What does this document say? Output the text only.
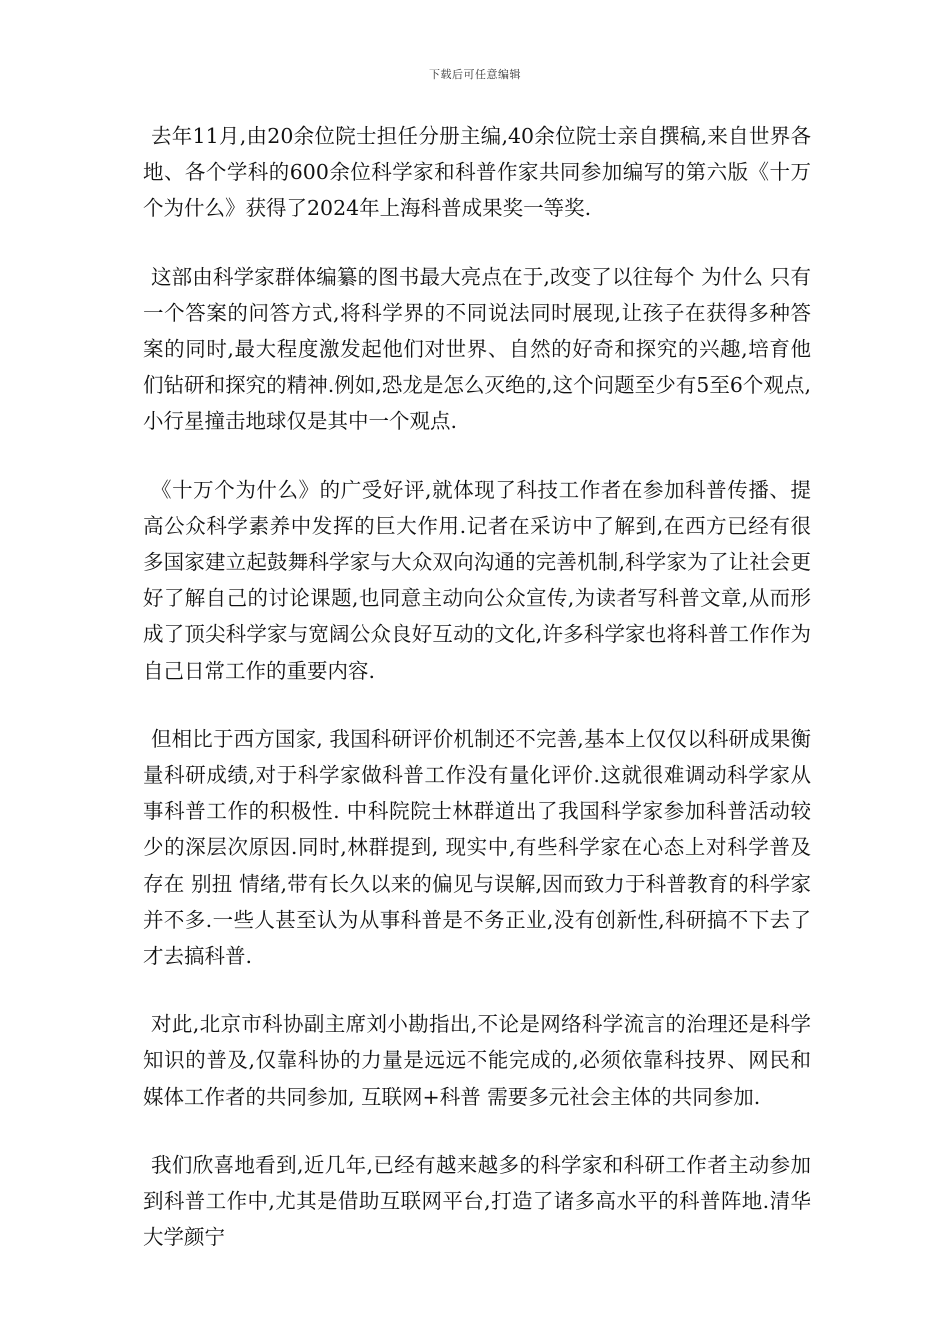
下载后可任意编辑

去年11月,由20余位院士担任分册主编,40余位院士亲自撰稿,来自世界各地、各个学科的600余位科学家和科普作家共同参加编写的第六版《十万个为什么》获得了2024年上海科普成果奖一等奖.

这部由科学家群体编纂的图书最大亮点在于,改变了以往每个 为什么 只有一个答案的问答方式,将科学界的不同说法同时展现,让孩子在获得多种答案的同时,最大程度激发起他们对世界、自然的好奇和探究的兴趣,培育他们钻研和探究的精神.例如,恐龙是怎么灭绝的,这个问题至少有5至6个观点,小行星撞击地球仅是其中一个观点.

《十万个为什么》的广受好评,就体现了科技工作者在参加科普传播、提高公众科学素养中发挥的巨大作用.记者在采访中了解到,在西方已经有很多国家建立起鼓舞科学家与大众双向沟通的完善机制,科学家为了让社会更好了解自己的讨论课题,也同意主动向公众宣传,为读者写科普文章,从而形成了顶尖科学家与宽阔公众良好互动的文化,许多科学家也将科普工作作为自己日常工作的重要内容.

但相比于西方国家, 我国科研评价机制还不完善,基本上仅仅以科研成果衡量科研成绩,对于科学家做科普工作没有量化评价.这就很难调动科学家从事科普工作的积极性. 中科院院士林群道出了我国科学家参加科普活动较少的深层次原因.同时,林群提到, 现实中,有些科学家在心态上对科学普及存在 别扭 情绪,带有长久以来的偏见与误解,因而致力于科普教育的科学家并不多.一些人甚至认为从事科普是不务正业,没有创新性,科研搞不下去了才去搞科普.

对此,北京市科协副主席刘小勘指出,不论是网络科学流言的治理还是科学知识的普及,仅靠科协的力量是远远不能完成的,必须依靠科技界、网民和媒体工作者的共同参加, 互联网+科普 需要多元社会主体的共同参加.

我们欣喜地看到,近几年,已经有越来越多的科学家和科研工作者主动参加到科普工作中,尤其是借助互联网平台,打造了诸多高水平的科普阵地.清华大学颜宁
